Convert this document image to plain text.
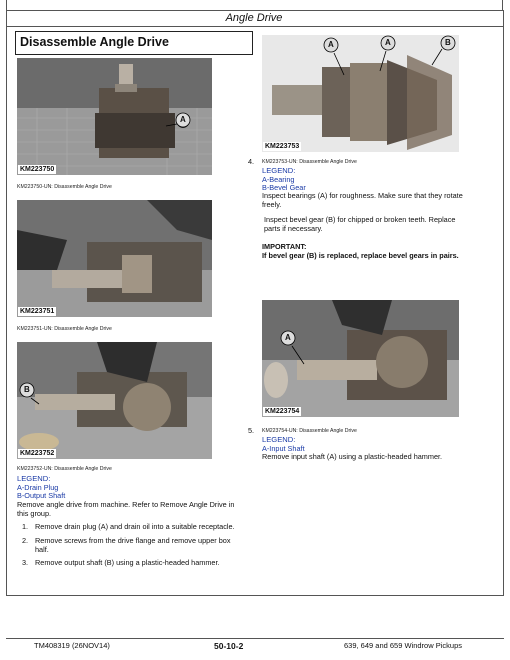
Angle Drive
Disassemble Angle Drive
KM223750
A
KM223750-UN: Disassemble Angle Drive
KM223751
KM223751-UN: Disassemble Angle Drive
KM223752
B
KM223752-UN: Disassemble Angle Drive
LEGEND:
A-Drain Plug
B-Output Shaft
Remove angle drive from machine. Refer to Remove Angle Drive in
this group.
1. Remove drain plug (A) and drain oil into a suitable receptacle.
2. Remove screws from the drive flange and remove upper box
half.
3. Remove output shaft (B) using a plastic-headed hammer.
KM223753
A	A	B
4. KM223753-UN: Disassemble Angle Drive
LEGEND:
A-Bearing
B-Bevel Gear
Inspect bearings (A) for roughness. Make sure that they rotate
freely.
Inspect bevel gear (B) for chipped or broken teeth. Replace
parts if necessary.
IMPORTANT:
If bevel gear (B) is replaced, replace bevel gears in pairs.
KM223754
A
5. KM223754-UN: Disassemble Angle Drive
LEGEND:
A-Input Shaft
Remove input shaft (A) using a plastic-headed hammer.
TM408319 (26NOV14)	50-10-2	639, 649 and 659 Windrow Pickups
